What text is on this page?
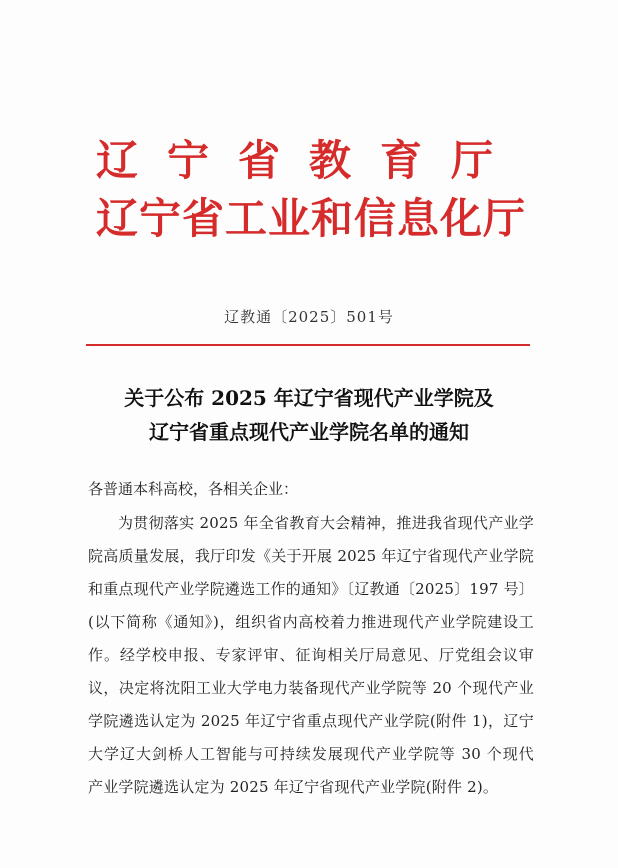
辽宁省教育厅
辽宁省工业和信息化厅
辽教通〔2025〕501号
关于公布 2025 年辽宁省现代产业学院及
辽宁省重点现代产业学院名单的通知
各普通本科高校，各相关企业：
为贯彻落实 2025 年全省教育大会精神，推进我省现代产业学
院高质量发展，我厅印发《关于开展 2025 年辽宁省现代产业学院
和重点现代产业学院遴选工作的通知》〔辽教通〔2025〕197 号〕
(以下简称《通知》)，组织省内高校着力推进现代产业学院建设工
作。经学校申报、专家评审、征询相关厅局意见、厅党组会议审
议，决定将沈阳工业大学电力装备现代产业学院等 20 个现代产业
学院遴选认定为 2025 年辽宁省重点现代产业学院(附件 1)，辽宁
大学辽大剑桥人工智能与可持续发展现代产业学院等 30 个现代
产业学院遴选认定为 2025 年辽宁省现代产业学院(附件 2)。
